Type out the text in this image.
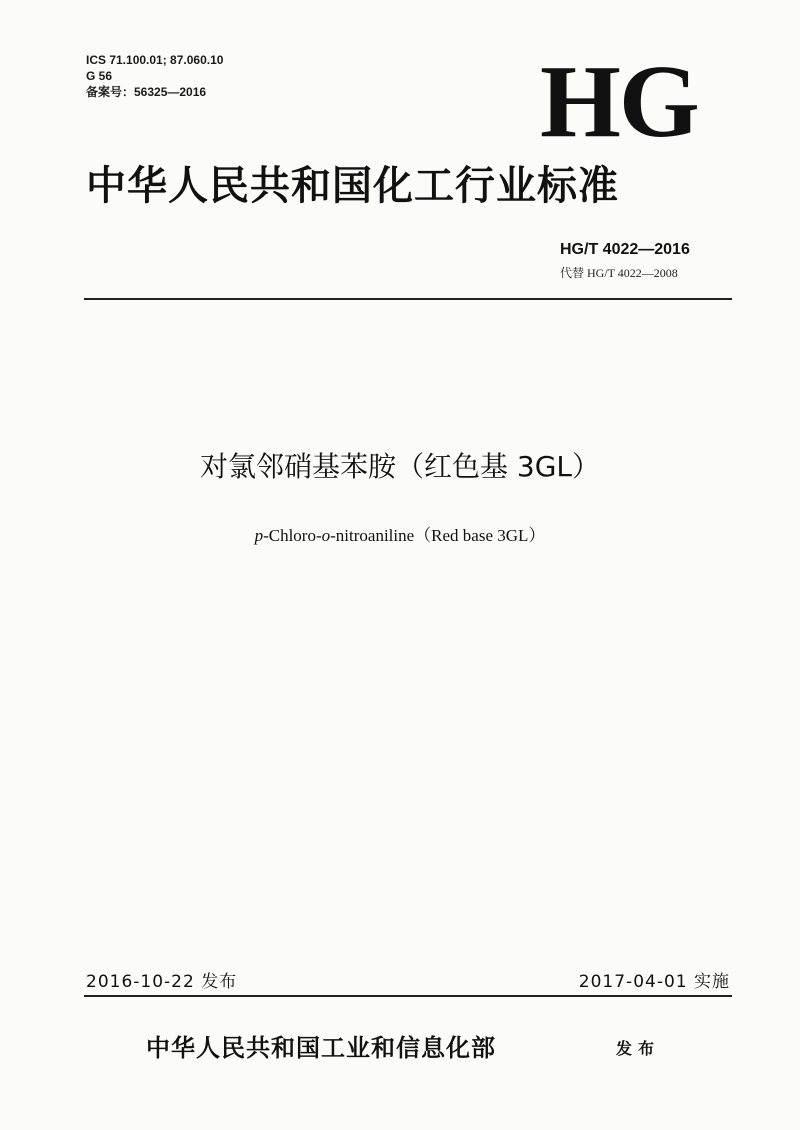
ICS 71.100.01; 87.060.10
G 56
备案号：56325—2016	HG
中华人民共和国化工行业标准
HG/T 4022—2016
代替 HG/T 4022—2008
对氯邻硝基苯胺（红色基 3GL）
p-Chloro-o-nitroaniline（Red base 3GL）
2016-10-22 发布	2017-04-01 实施
中华人民共和国工业和信息化部	发布
